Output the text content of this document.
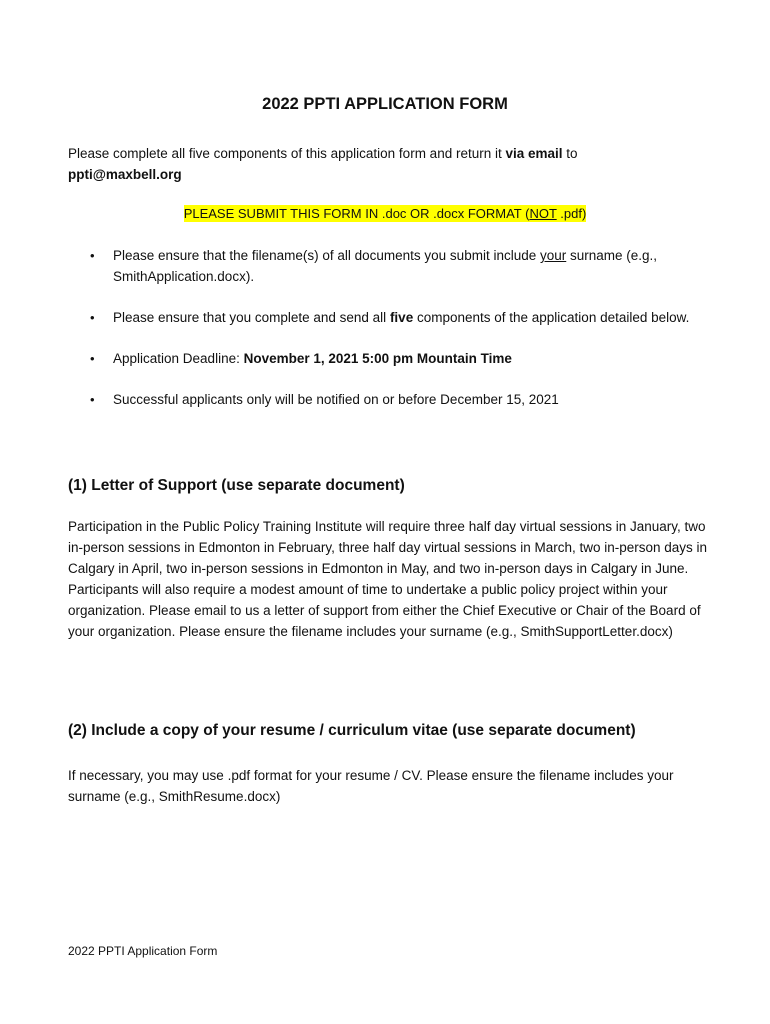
2022 PPTI APPLICATION FORM
Please complete all five components of this application form and return it via email to
ppti@maxbell.org
PLEASE SUBMIT THIS FORM IN .doc OR .docx FORMAT (NOT .pdf)
• Please ensure that the filename(s) of all documents you submit include your surname (e.g., SmithApplication.docx).
• Please ensure that you complete and send all five components of the application detailed below.
• Application Deadline: November 1, 2021 5:00 pm Mountain Time
• Successful applicants only will be notified on or before December 15, 2021
(1) Letter of Support (use separate document)
Participation in the Public Policy Training Institute will require three half day virtual sessions in January, two in-person sessions in Edmonton in February, three half day virtual sessions in March, two in-person days in Calgary in April, two in-person sessions in Edmonton in May, and two in-person days in Calgary in June. Participants will also require a modest amount of time to undertake a public policy project within your organization. Please email to us a letter of support from either the Chief Executive or Chair of the Board of your organization. Please ensure the filename includes your surname (e.g., SmithSupportLetter.docx)
(2) Include a copy of your resume / curriculum vitae (use separate document)
If necessary, you may use .pdf format for your resume / CV. Please ensure the filename includes your surname (e.g., SmithResume.docx)
2022 PPTI Application Form
